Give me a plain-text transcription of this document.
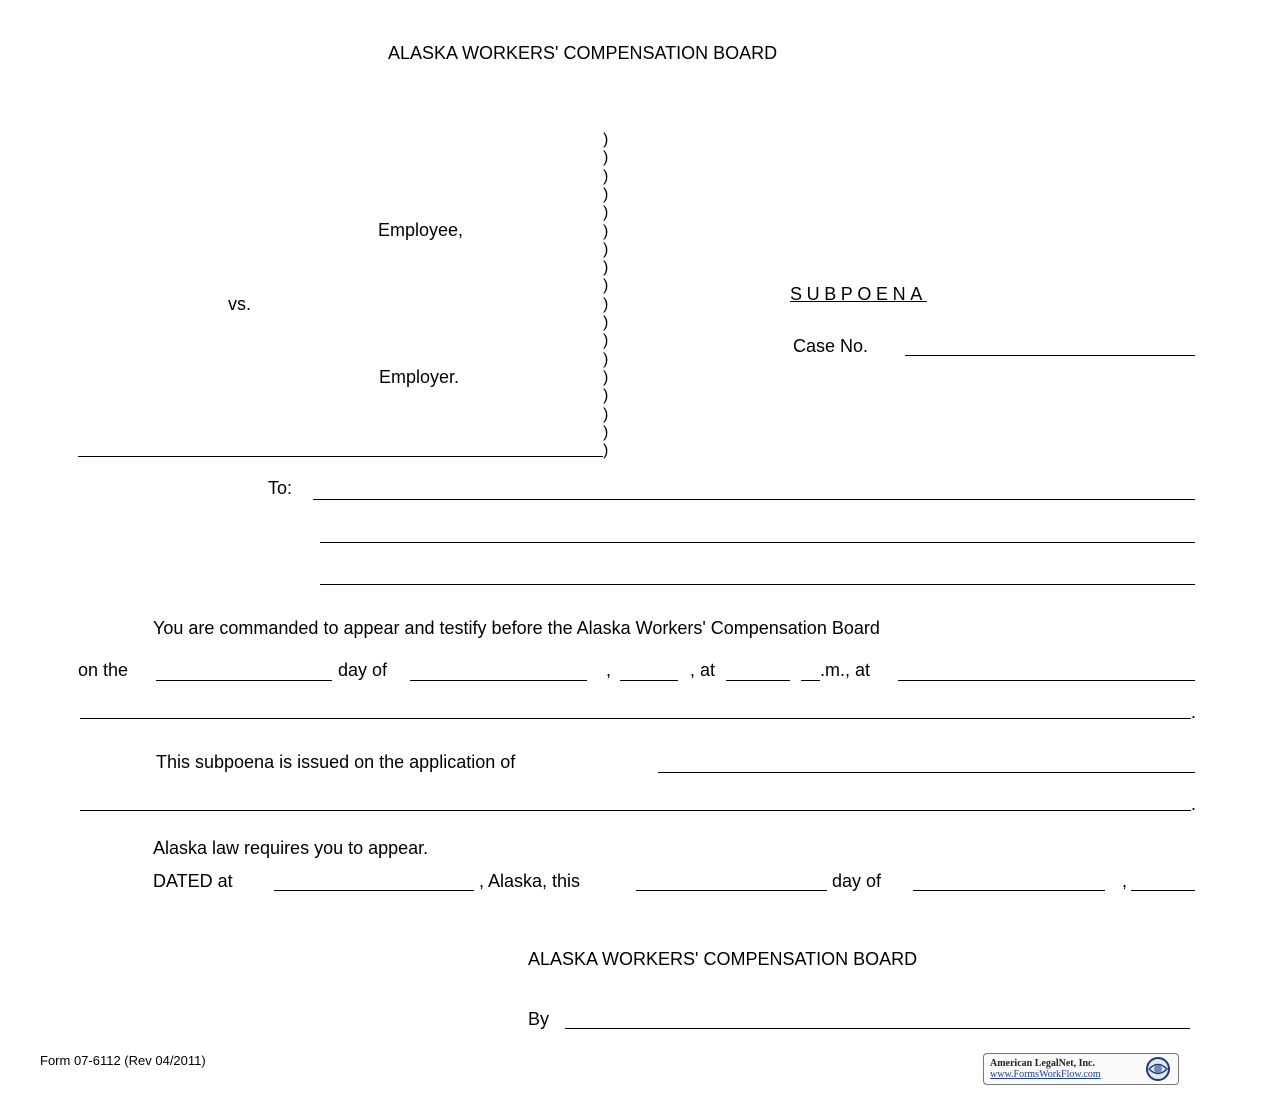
ALASKA WORKERS' COMPENSATION BOARD
Employee,
vs.
Employer.
)
)
)
)
)
)
)
)
)
)
)
)
)
)
)
)
)
)
SUBPOENA
Case No.
To:
You are commanded to appear and testify before the Alaska Workers' Compensation Board
on the	day of	,	, at	.m., at
.
This subpoena is issued on the application of
.
Alaska law requires you to appear.
DATED at	, Alaska, this	day of	,
ALASKA WORKERS' COMPENSATION BOARD
By
Form 07-6112 (Rev 04/2011)	American LegalNet, Inc.
www.FormsWorkFlow.com
